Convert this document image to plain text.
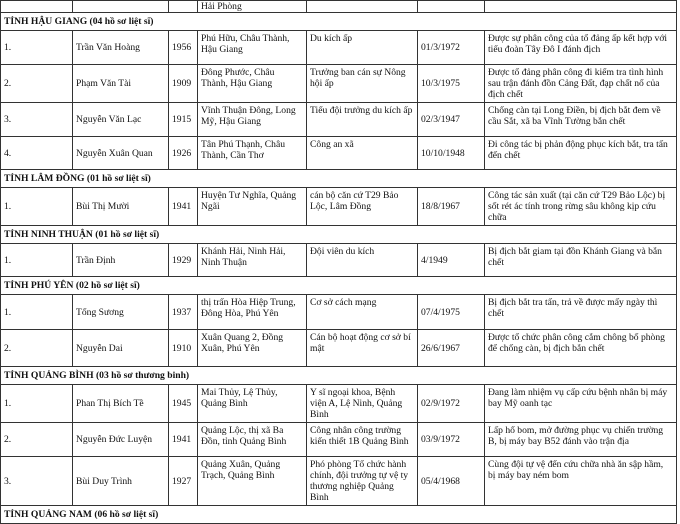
			Hải Phòng			
TỈNH HẬU GIANG (04 hồ sơ liệt sĩ)						
1.	Trần Văn Hoàng	1956	Phú Hữu, Châu Thành, Hậu Giang	Du kích ấp	01/3/1972	Được sự phân công của tổ đảng ấp kết hợp với tiểu đoàn Tây Đô I đánh địch
2.	Phạm Văn Tài	1909	Đông Phước, Châu Thành, Hậu Giang	Trưởng ban cán sự Nông hội ấp	10/3/1975	Được tổ đảng phân công đi kiểm tra tình hình sau trận đánh đồn Cảng Đất, đạp chất nổ của địch chết
3.	Nguyễn Văn Lạc	1915	Vĩnh Thuận Đông, Long Mỹ, Hậu Giang	Tiểu đội trưởng du kích ấp	02/3/1947	Chống càn tại Long Điền, bị địch bắt đem về cầu Sắt, xã ba Vĩnh Tường bắn chết
4.	Nguyễn Xuân Quan	1926	Tân Phú Thạnh, Châu Thành, Cần Thơ	Công an xã	10/10/1948	Đi công tác bị phản động phục kích bắt, tra tấn đến chết
TỈNH LÂM ĐỒNG (01 hồ sơ liệt sĩ)						
1.	Bùi Thị Mười	1941	Huyện Tư Nghĩa, Quảng Ngãi	cán bộ căn cứ T29 Bảo Lộc, Lâm Đồng	18/8/1967	Công tác sản xuất (tại căn cứ T29 Bảo Lộc) bị sốt rét ác tính trong rừng sâu không kịp cứu chữa
TỈNH NINH THUẬN (01 hồ sơ liệt sĩ)						
1.	Trần Định	1929	Khánh Hải, Ninh Hải, Ninh Thuận	Đội viên du kích	4/1949	Bị địch bắt giam tại đồn Khánh Giang và bắn chết
TỈNH PHÚ YÊN (02 hồ sơ liệt sĩ)						
1.	Tống Sương	1937	thị trấn Hòa Hiệp Trung, Đông Hòa, Phú Yên	Cơ sở cách mạng	07/4/1975	Bị địch bắt tra tấn, trả về được mấy ngày thì chết
2.	Nguyễn Dai	1910	Xuân Quang 2, Đồng Xuân, Phú Yên	Cán bộ hoạt động cơ sở bí mật	26/6/1967	Được tổ chức phân công cắm chông bố phòng để chống càn, bị địch bắn chết
TỈNH QUẢNG BÌNH (03 hồ sơ thương binh)						
1.	Phan Thị Bích Tề	1945	Mai Thủy, Lệ Thủy, Quảng Bình	Y sĩ ngoại khoa, Bệnh viện A, Lệ Ninh, Quảng Bình	02/9/1972	Đang làm nhiệm vụ cấp cứu bệnh nhân bị máy bay Mỹ oanh tạc
2.	Nguyễn Đức Luyện	1941	Quảng Lộc, thị xã Ba Đồn, tỉnh Quảng Bình	Công nhân công trường kiến thiết 1B Quảng Bình	03/9/1972	Lấp hố bom, mở đường phục vụ chiến trường B, bị máy bay B52 đánh vào trận địa
3.	Bùi Duy Trình	1927	Quảng Xuân, Quảng Trạch, Quảng Bình	Phó phòng Tổ chức hành chính, đội trưởng tự vệ ty thương nghiệp Quảng Bình	05/4/1968	Cùng đội tự vệ đến cứu chữa nhà ăn sập hầm, bị máy bay ném bom
TỈNH QUẢNG NAM (06 hồ sơ liệt sĩ)						
